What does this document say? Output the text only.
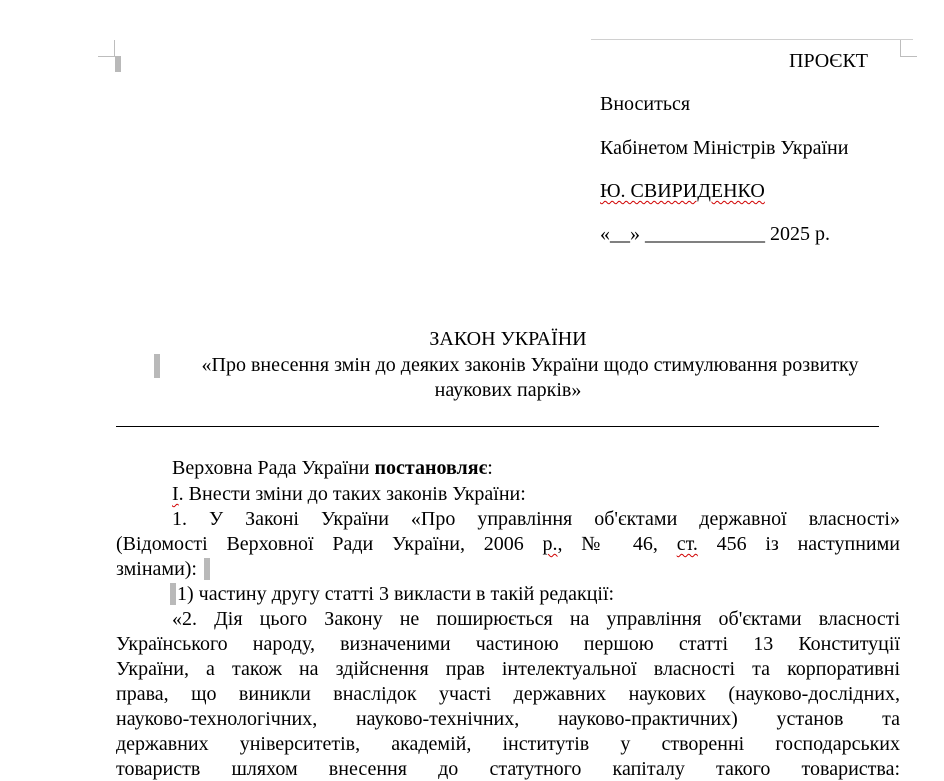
ПРОЄКТ
Вноситься
Кабінетом Міністрів України
Ю. СВИРИДЕНКО
«__» ____________ 2025 р.
ЗАКОН УКРАЇНИ
«Про внесення змін до деяких законів України щодо стимулювання розвитку
наукових парків»
Верховна Рада України постановляє:
І. Внести зміни до таких законів України:
1. У Законі України «Про управління об'єктами державної власності»
(Відомості Верховної Ради України, 2006 р., № 46, ст. 456 із наступними
змінами):
1) частину другу статті 3 викласти в такій редакції:
«2. Дія цього Закону не поширюється на управління об'єктами власності
Українського народу, визначеними частиною першою статті 13 Конституції
України, а також на здійснення прав інтелектуальної власності та корпоративні
права, що виникли внаслідок участі державних наукових (науково-дослідних,
науково-технологічних, науково-технічних, науково-практичних) установ та
державних університетів, академій, інститутів у створенні господарських
товариств шляхом внесення до статутного капіталу такого товариства:
